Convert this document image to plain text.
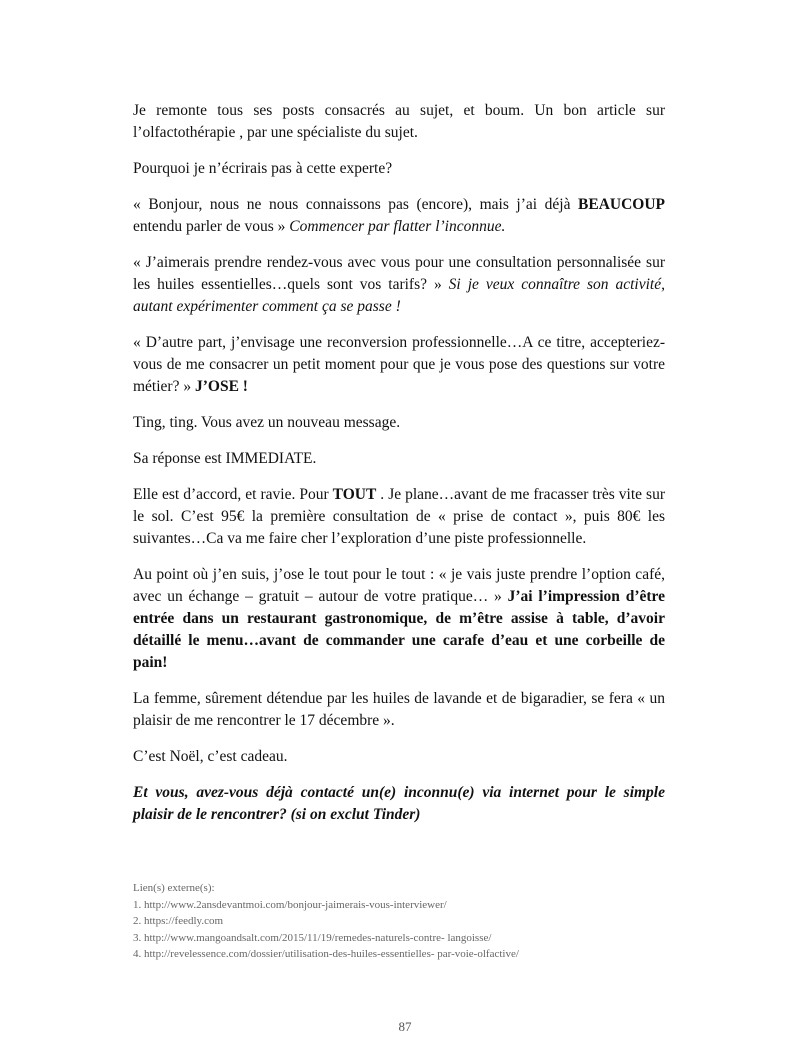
Je remonte tous ses posts consacrés au sujet, et boum. Un bon article sur l’olfactothérapie , par une spécialiste du sujet.

Pourquoi je n’écrirais pas à cette experte?

« Bonjour, nous ne nous connaissons pas (encore), mais j’ai déjà BEAUCOUP entendu parler de vous » Commencer par flatter l’inconnue.

« J’aimerais prendre rendez-vous avec vous pour une consultation personnalisée sur les huiles essentielles…quels sont vos tarifs? » Si je veux connaître son activité, autant expérimenter comment ça se passe !

« D’autre part, j’envisage une reconversion professionnelle…A ce titre, accepteriez-vous de me consacrer un petit moment pour que je vous pose des questions sur votre métier? » J’OSE !

Ting, ting. Vous avez un nouveau message.

Sa réponse est IMMEDIATE.

Elle est d’accord, et ravie. Pour TOUT . Je plane…avant de me fracasser très vite sur le sol. C’est 95€ la première consultation de « prise de contact », puis 80€ les suivantes…Ca va me faire cher l’exploration d’une piste professionnelle.

Au point où j’en suis, j’ose le tout pour le tout : « je vais juste prendre l’option café, avec un échange – gratuit – autour de votre pratique… » J’ai l’impression d’être entrée dans un restaurant gastronomique, de m’être assise à table, d’avoir détaillé le menu…avant de commander une carafe d’eau et une corbeille de pain!

La femme, sûrement détendue par les huiles de lavande et de bigaradier, se fera « un plaisir de me rencontrer le 17 décembre ».

C’est Noël, c’est cadeau.

Et vous, avez-vous déjà contacté un(e) inconnu(e) via internet pour le simple plaisir de le rencontrer? (si on exclut Tinder)

Lien(s) externe(s):
1. http://www.2ansdevantmoi.com/bonjour-jaimerais-vous-interviewer/
2. https://feedly.com
3. http://www.mangoandsalt.com/2015/11/19/remedes-naturels-contre- langoisse/
4. http://revelessence.com/dossier/utilisation-des-huiles-essentielles- par-voie-olfactive/
87
